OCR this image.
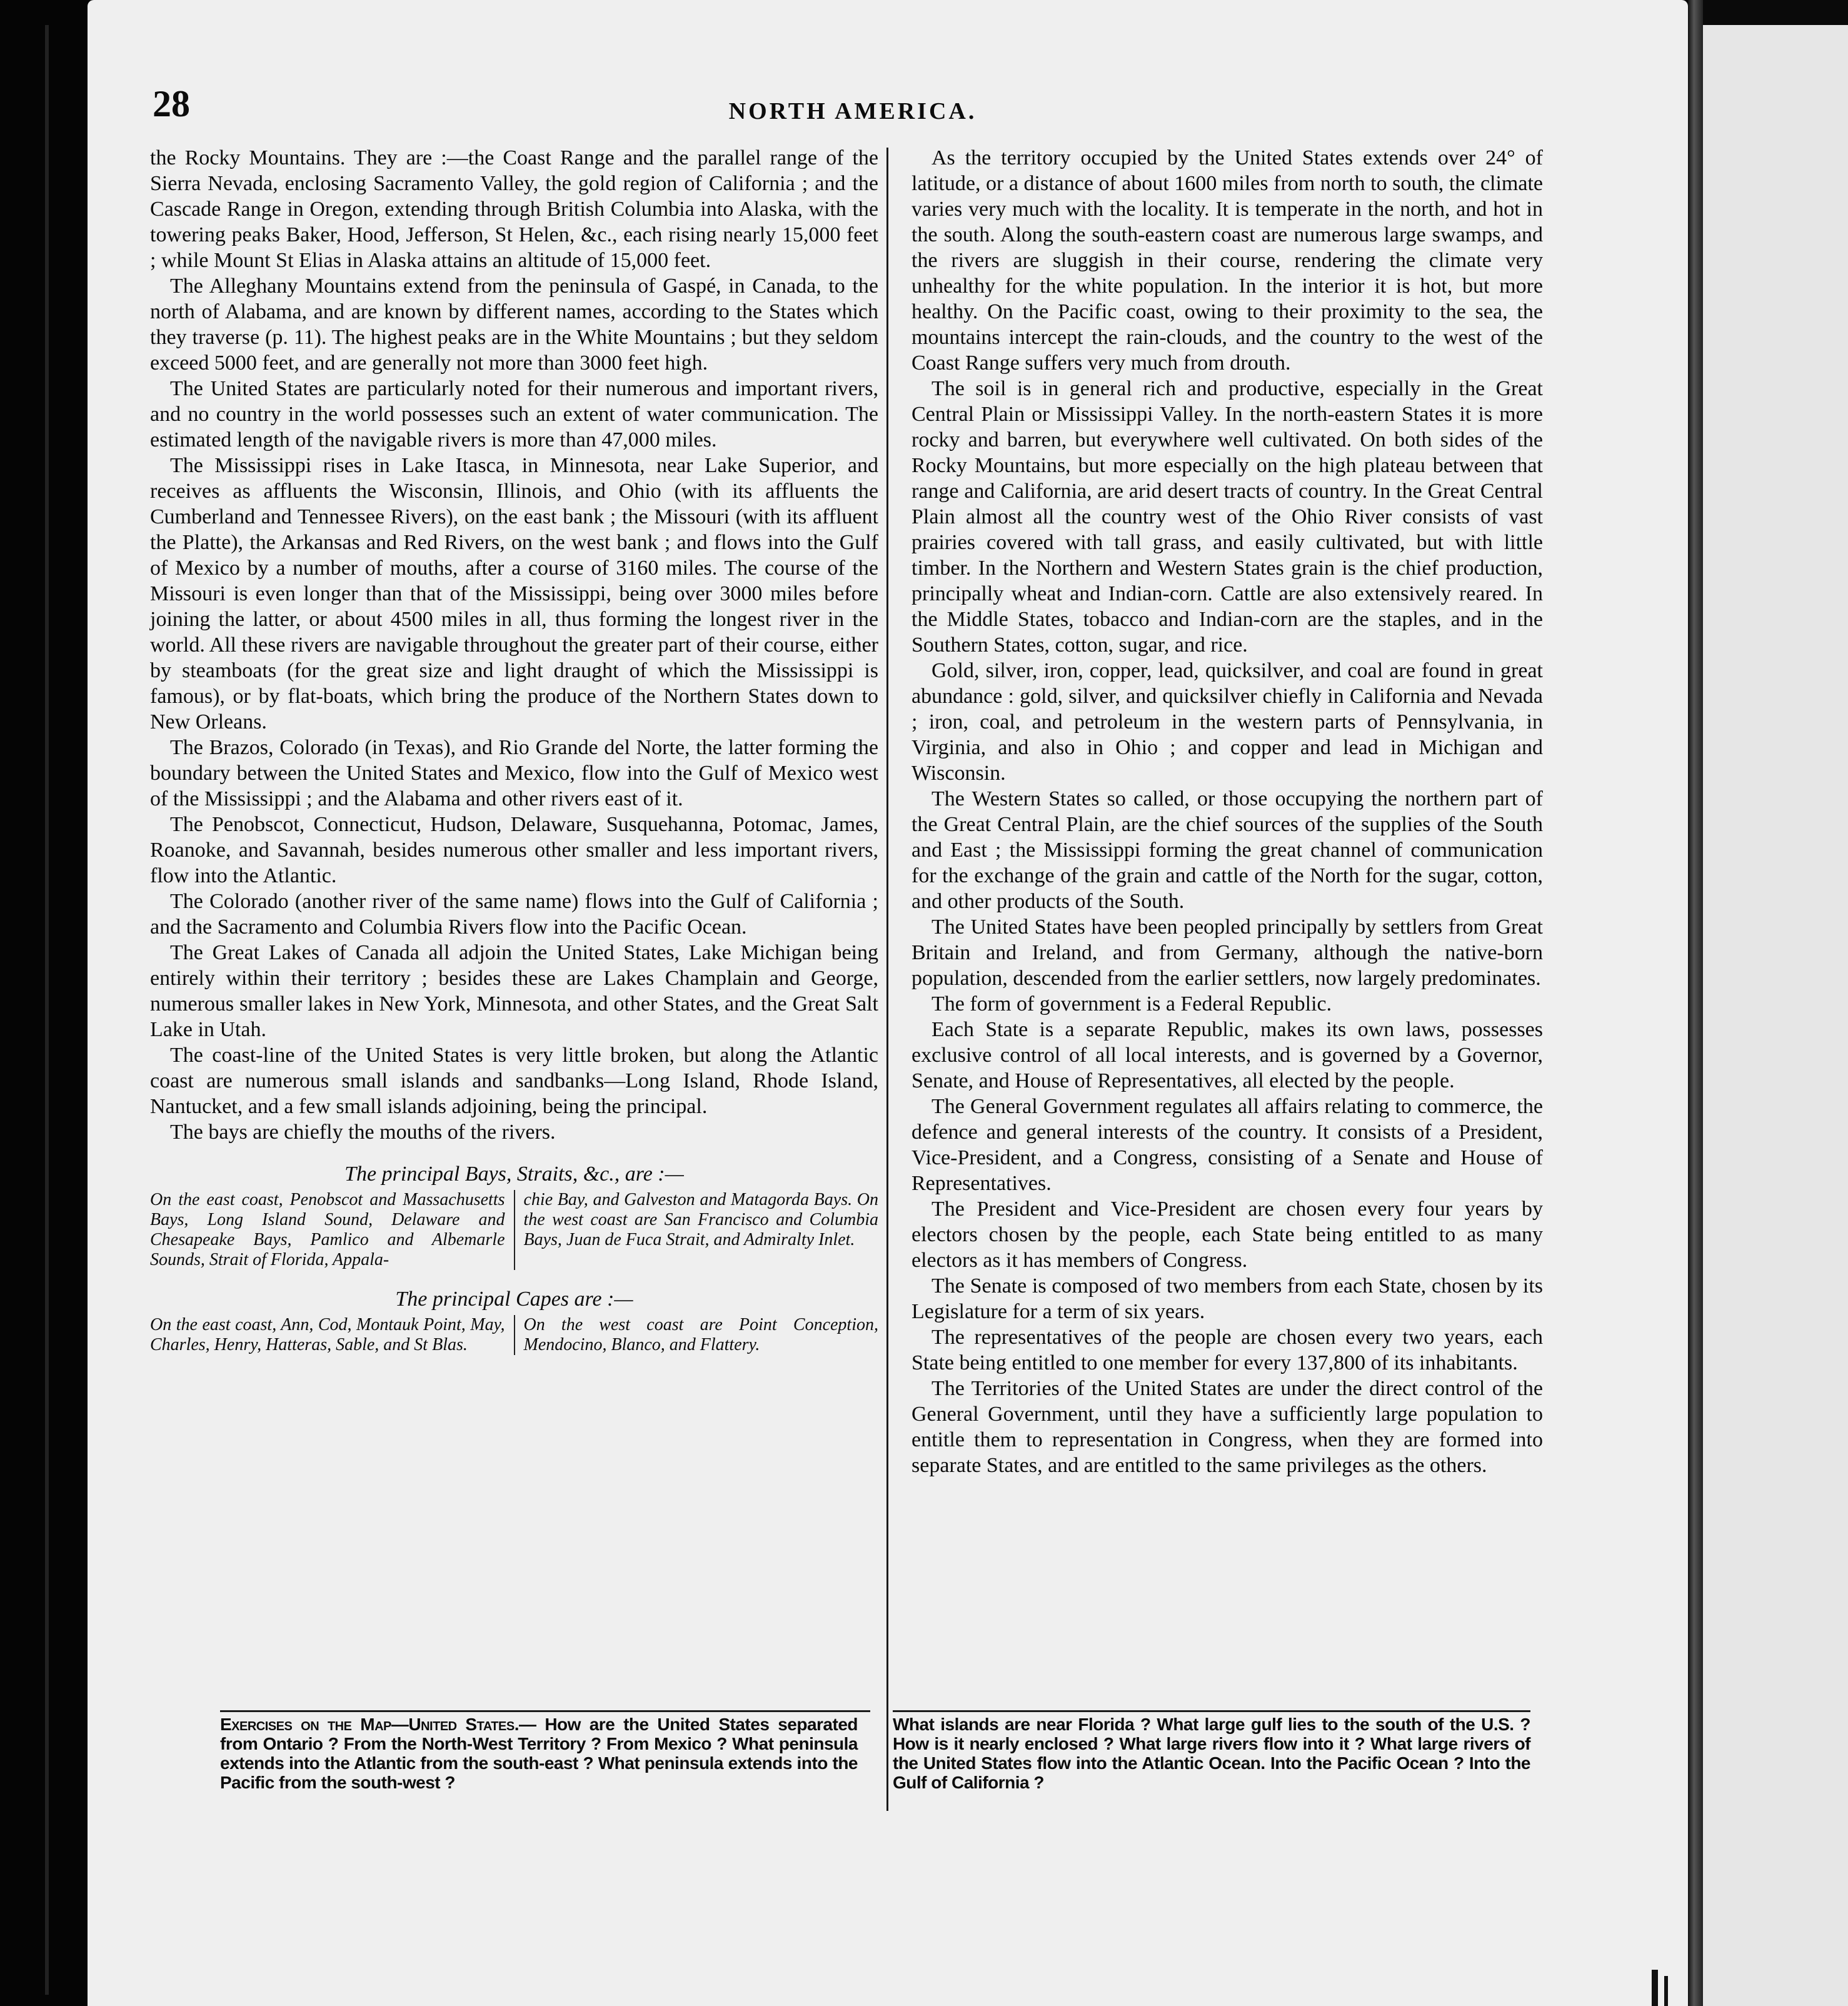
28	NORTH AMERICA.

the Rocky Mountains. They are :—the Coast Range and the parallel range of the Sierra Nevada, enclosing Sacramento Valley, the gold region of California ; and the Cascade Range in Oregon, extending through British Columbia into Alaska, with the towering peaks Baker, Hood, Jefferson, St Helen, &c., each rising nearly 15,000 feet ; while Mount St Elias in Alaska attains an altitude of 15,000 feet.

The Alleghany Mountains extend from the peninsula of Gaspé, in Canada, to the north of Alabama, and are known by different names, according to the States which they traverse (p. 11). The highest peaks are in the White Mountains ; but they seldom exceed 5000 feet, and are generally not more than 3000 feet high.

The United States are particularly noted for their numerous and important rivers, and no country in the world possesses such an extent of water communication. The estimated length of the navigable rivers is more than 47,000 miles.

The Mississippi rises in Lake Itasca, in Minnesota, near Lake Superior, and receives as affluents the Wisconsin, Illinois, and Ohio (with its affluents the Cumberland and Tennessee Rivers), on the east bank ; the Missouri (with its affluent the Platte), the Arkansas and Red Rivers, on the west bank ; and flows into the Gulf of Mexico by a number of mouths, after a course of 3160 miles. The course of the Missouri is even longer than that of the Mississippi, being over 3000 miles before joining the latter, or about 4500 miles in all, thus forming the longest river in the world. All these rivers are navigable throughout the greater part of their course, either by steamboats (for the great size and light draught of which the Mississippi is famous), or by flat-boats, which bring the produce of the Northern States down to New Orleans.

The Brazos, Colorado (in Texas), and Rio Grande del Norte, the latter forming the boundary between the United States and Mexico, flow into the Gulf of Mexico west of the Mississippi ; and the Alabama and other rivers east of it.

The Penobscot, Connecticut, Hudson, Delaware, Susquehanna, Potomac, James, Roanoke, and Savannah, besides numerous other smaller and less important rivers, flow into the Atlantic.

The Colorado (another river of the same name) flows into the Gulf of California ; and the Sacramento and Columbia Rivers flow into the Pacific Ocean.

The Great Lakes of Canada all adjoin the United States, Lake Michigan being entirely within their territory ; besides these are Lakes Champlain and George, numerous smaller lakes in New York, Minnesota, and other States, and the Great Salt Lake in Utah.

The coast-line of the United States is very little broken, but along the Atlantic coast are numerous small islands and sandbanks—Long Island, Rhode Island, Nantucket, and a few small islands adjoining, being the principal.

The bays are chiefly the mouths of the rivers.

The principal Bays, Straits, &c., are :—
On the east coast, Penobscot and Massachusetts Bays, Long Island Sound, Delaware and Chesapeake Bays, Pamlico and Albemarle Sounds, Strait of Florida, Appala-
chie Bay, and Galveston and Matagorda Bays. On the west coast are San Francisco and Columbia Bays, Juan de Fuca Strait, and Admiralty Inlet.
The principal Capes are :—
On the east coast, Ann, Cod, Montauk Point, May, Charles, Henry, Hatteras, Sable, and St Blas.
On the west coast are Point Conception, Mendocino, Blanco, and Flattery.

As the territory occupied by the United States extends over 24° of latitude, or a distance of about 1600 miles from north to south, the climate varies very much with the locality. It is temperate in the north, and hot in the south. Along the south-eastern coast are numerous large swamps, and the rivers are sluggish in their course, rendering the climate very unhealthy for the white population. In the interior it is hot, but more healthy. On the Pacific coast, owing to their proximity to the sea, the mountains intercept the rain-clouds, and the country to the west of the Coast Range suffers very much from drouth.

The soil is in general rich and productive, especially in the Great Central Plain or Mississippi Valley. In the north-eastern States it is more rocky and barren, but everywhere well cultivated. On both sides of the Rocky Mountains, but more especially on the high plateau between that range and California, are arid desert tracts of country. In the Great Central Plain almost all the country west of the Ohio River consists of vast prairies covered with tall grass, and easily cultivated, but with little timber. In the Northern and Western States grain is the chief production, principally wheat and Indian-corn. Cattle are also extensively reared. In the Middle States, tobacco and Indian-corn are the staples, and in the Southern States, cotton, sugar, and rice.

Gold, silver, iron, copper, lead, quicksilver, and coal are found in great abundance : gold, silver, and quicksilver chiefly in California and Nevada ; iron, coal, and petroleum in the western parts of Pennsylvania, in Virginia, and also in Ohio ; and copper and lead in Michigan and Wisconsin.

The Western States so called, or those occupying the northern part of the Great Central Plain, are the chief sources of the supplies of the South and East ; the Mississippi forming the great channel of communication for the exchange of the grain and cattle of the North for the sugar, cotton, and other products of the South.

The United States have been peopled principally by settlers from Great Britain and Ireland, and from Germany, although the native-born population, descended from the earlier settlers, now largely predominates.

The form of government is a Federal Republic.

Each State is a separate Republic, makes its own laws, possesses exclusive control of all local interests, and is governed by a Governor, Senate, and House of Representatives, all elected by the people.

The General Government regulates all affairs relating to commerce, the defence and general interests of the country. It consists of a President, Vice-President, and a Congress, consisting of a Senate and House of Representatives.

The President and Vice-President are chosen every four years by electors chosen by the people, each State being entitled to as many electors as it has members of Congress.

The Senate is composed of two members from each State, chosen by its Legislature for a term of six years.

The representatives of the people are chosen every two years, each State being entitled to one member for every 137,800 of its inhabitants.

The Territories of the United States are under the direct control of the General Government, until they have a sufficiently large population to entitle them to representation in Congress, when they are formed into separate States, and are entitled to the same privileges as the others.

Exercises on the Map—United States.— How are the United States separated from Ontario ? From the North-West Territory ? From Mexico ? What peninsula extends into the Atlantic from the south-east ? What peninsula extends into the Pacific from the south-west ?
What islands are near Florida ? What large gulf lies to the south of the U.S. ? How is it nearly enclosed ? What large rivers flow into it ? What large rivers of the United States flow into the Atlantic Ocean. Into the Pacific Ocean ? Into the Gulf of California ?
